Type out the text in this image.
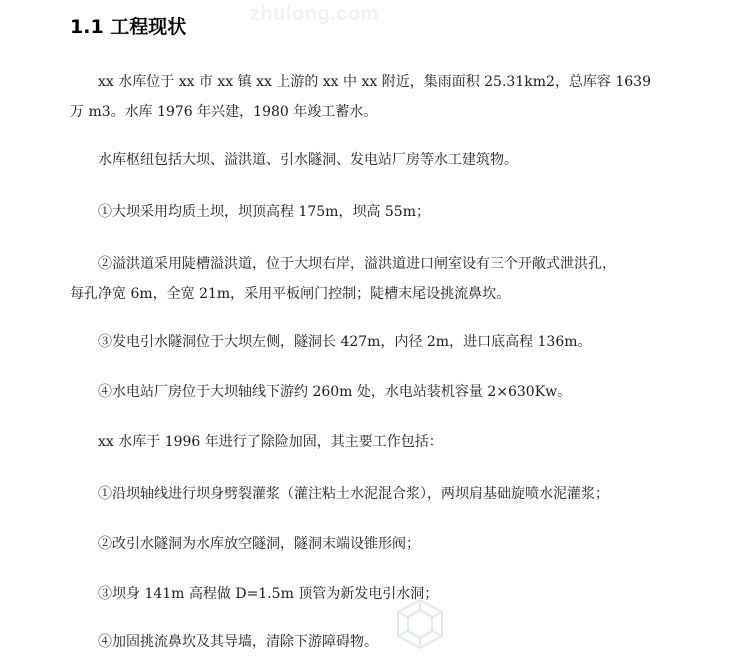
zhulong.com
1.1 工程现状
xx 水库位于 xx 市 xx 镇 xx 上游的 xx 中 xx 附近，集雨面积 25.31km2，总库容 1639
万 m3。水库 1976 年兴建，1980 年竣工蓄水。
水库枢纽包括大坝、溢洪道、引水隧洞、发电站厂房等水工建筑物。
①大坝采用均质土坝，坝顶高程 175m，坝高 55m；
②溢洪道采用陡槽溢洪道，位于大坝右岸，溢洪道进口闸室设有三个开敞式泄洪孔，
每孔净宽 6m，全宽 21m，采用平板闸门控制；陡槽末尾设挑流鼻坎。
③发电引水隧洞位于大坝左侧，隧洞长 427m，内径 2m，进口底高程 136m。
④水电站厂房位于大坝轴线下游约 260m 处，水电站装机容量 2×630Kw。
xx 水库于 1996 年进行了除险加固，其主要工作包括：
①沿坝轴线进行坝身劈裂灌浆（灌注粘土水泥混合浆），两坝肩基础旋喷水泥灌浆；
②改引水隧洞为水库放空隧洞，隧洞末端设锥形阀；
③坝身 141m 高程做 D=1.5m 顶管为新发电引水洞；
④加固挑流鼻坎及其导墙，清除下游障碍物。
